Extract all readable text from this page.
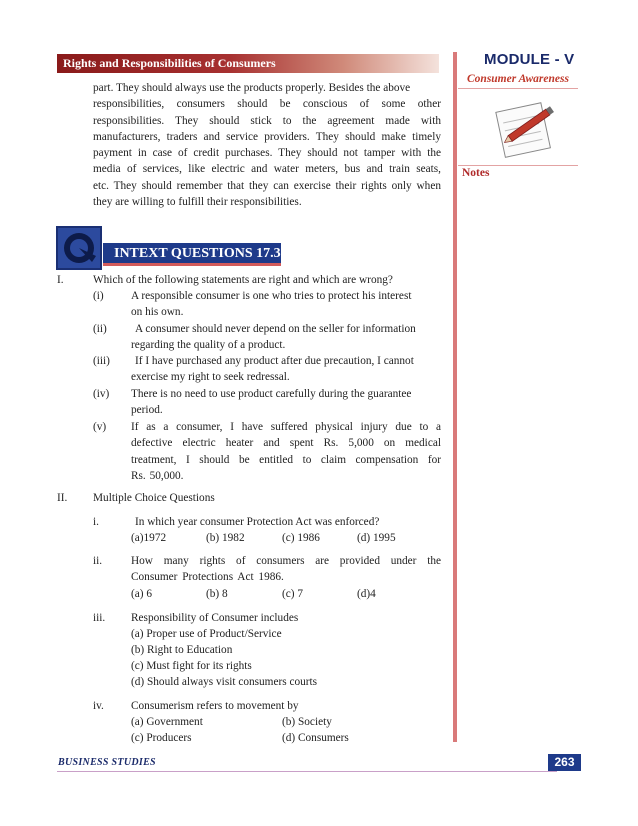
Rights and Responsibilities of Consumers	MODULE - V
Consumer Awareness
Notes

part. They should always use the products properly. Besides the above

responsibilities, consumers should be conscious of some other

responsibilities. They should stick to the agreement made with

manufacturers, traders and service providers. They should make timely

payment in case of credit purchases. They should not tamper with the

media of services, like electric and water meters, bus and train seats,

etc. They should remember that they can exercise their rights only when

they are willing to fulfill their responsibilities.

INTEXT QUESTIONS 17.3
I.	Which of the following statements are right and which are wrong?
(i) A responsible consumer is one who tries to protect his interest
on his own.
(ii) A consumer should never depend on the seller for information
regarding the quality of a product.
(iii) If I have purchased any product after due precaution, I cannot
exercise my right to seek redressal.
(iv) There is no need to use product carefully during the guarantee
period.
(v) If as a consumer, I have suffered physical injury due to a
defective electric heater and spent Rs. 5,000 on medical
treatment, I should be entitled to claim compensation for
Rs. 50,000.
II. Multiple Choice Questions
i.	In which year consumer Protection Act was enforced?
(a)1972	(b) 1982	(c) 1986	(d) 1995
ii.	How many rights of consumers are provided under the
Consumer Protections Act 1986.
(a) 6	(b) 8	(c) 7	(d)4
iii. Responsibility of Consumer includes
(a) Proper use of Product/Service
(b) Right to Education
(c) Must fight for its rights
(d) Should always visit consumers courts
iv. Consumerism refers to movement by
(a) Government	(b) Society
(c) Producers	(d) Consumers
BUSINESS STUDIES	263
